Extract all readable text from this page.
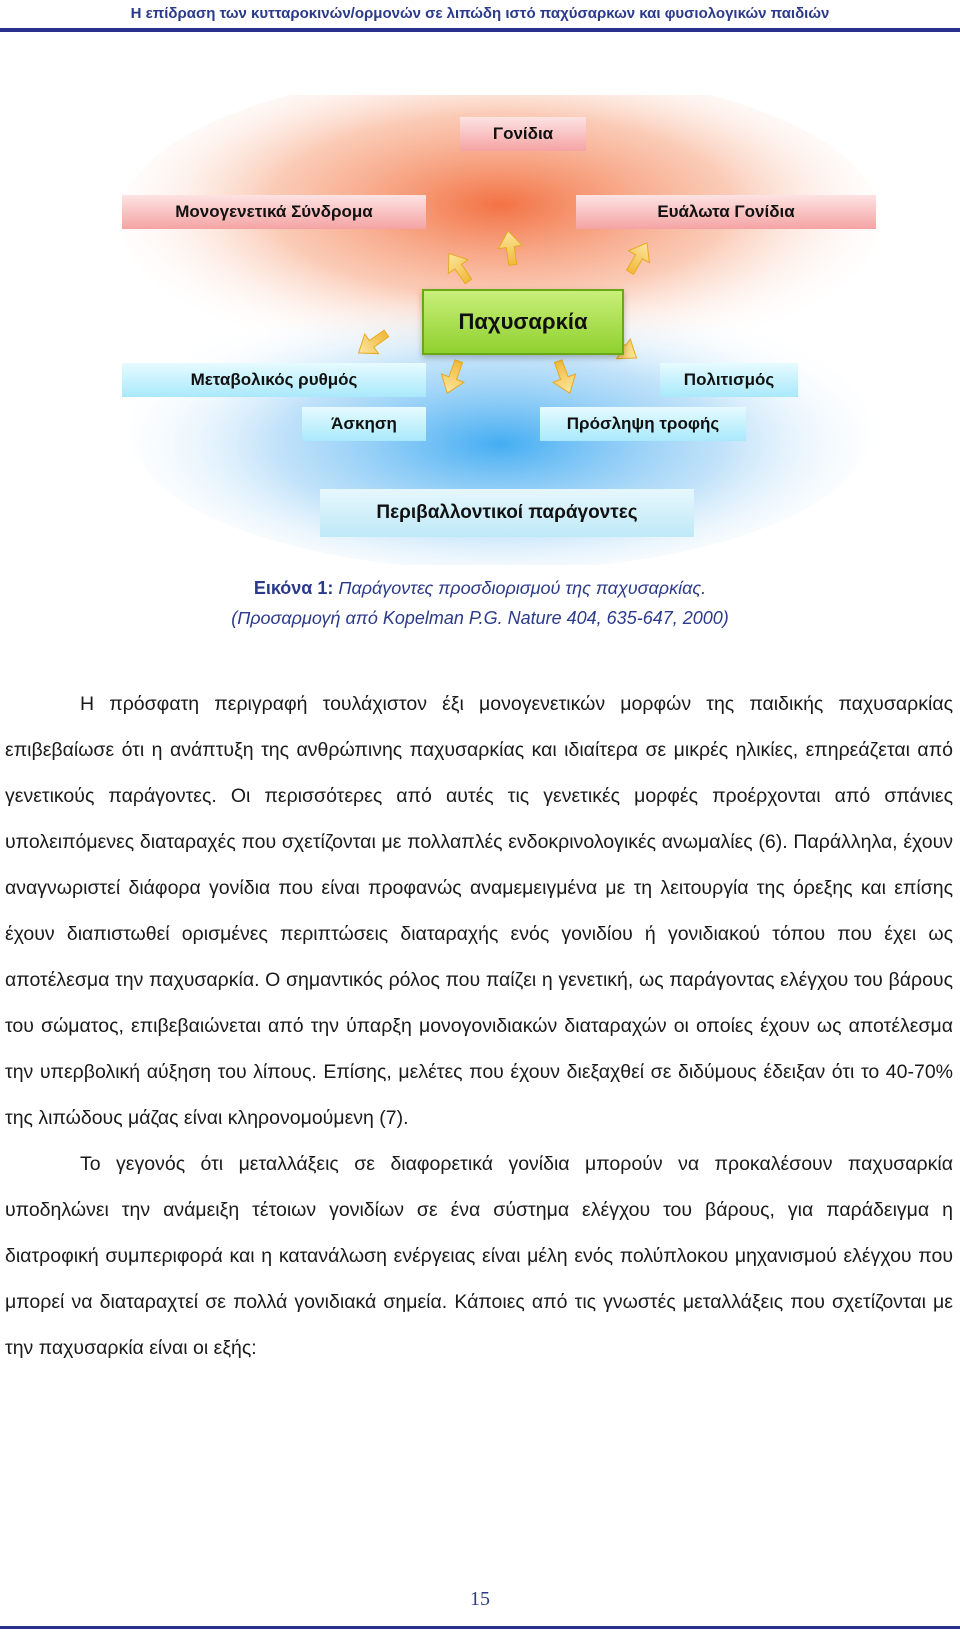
Η επίδραση των κυτταροκινών/ορμονών σε λιπώδη ιστό παχύσαρκων και φυσιολογικών παιδιών
Γονίδια
Μονογενετικά Σύνδρομα	Ευάλωτα Γονίδια
Παχυσαρκία
Μεταβολικός ρυθμός	Πολιτισμός
Άσκηση	Πρόσληψη τροφής
Περιβαλλοντικοί παράγοντες
Εικόνα 1: Παράγοντες προσδιορισμού της παχυσαρκίας.
(Προσαρμογή από Kopelman P.G. Nature 404, 635-647, 2000)

Η πρόσφατη περιγραφή τουλάχιστον έξι μονογενετικών μορφών της παιδικής παχυσαρκίας επιβεβαίωσε ότι η ανάπτυξη της ανθρώπινης παχυσαρκίας και ιδιαίτερα σε μικρές ηλικίες, επηρεάζεται από γενετικούς παράγοντες. Οι περισσότερες από αυτές τις γενετικές μορφές προέρχονται από σπάνιες υπολειπόμενες διαταραχές που σχετίζονται με πολλαπλές ενδοκρινολογικές ανωμαλίες (6). Παράλληλα, έχουν αναγνωριστεί διάφορα γονίδια που είναι προφανώς αναμεμειγμένα με τη λειτουργία της όρεξης και επίσης έχουν διαπιστωθεί ορισμένες περιπτώσεις διαταραχής ενός γονιδίου ή γονιδιακού τόπου που έχει ως αποτέλεσμα την παχυσαρκία. Ο σημαντικός ρόλος που παίζει η γενετική, ως παράγοντας ελέγχου του βάρους του σώματος, επιβεβαιώνεται από την ύπαρξη μονογονιδιακών διαταραχών οι οποίες έχουν ως αποτέλεσμα την υπερβολική αύξηση του λίπους. Επίσης, μελέτες που έχουν διεξαχθεί σε διδύμους έδειξαν ότι το 40-70% της λιπώδους μάζας είναι κληρονομούμενη (7).

Το γεγονός ότι μεταλλάξεις σε διαφορετικά γονίδια μπορούν να προκαλέσουν παχυσαρκία υποδηλώνει την ανάμειξη τέτοιων γονιδίων σε ένα σύστημα ελέγχου του βάρους, για παράδειγμα η διατροφική συμπεριφορά και η κατανάλωση ενέργειας είναι μέλη ενός πολύπλοκου μηχανισμού ελέγχου που μπορεί να διαταραχτεί σε πολλά γονιδιακά σημεία. Κάποιες από τις γνωστές μεταλλάξεις που σχετίζονται με την παχυσαρκία είναι οι εξής:

15
